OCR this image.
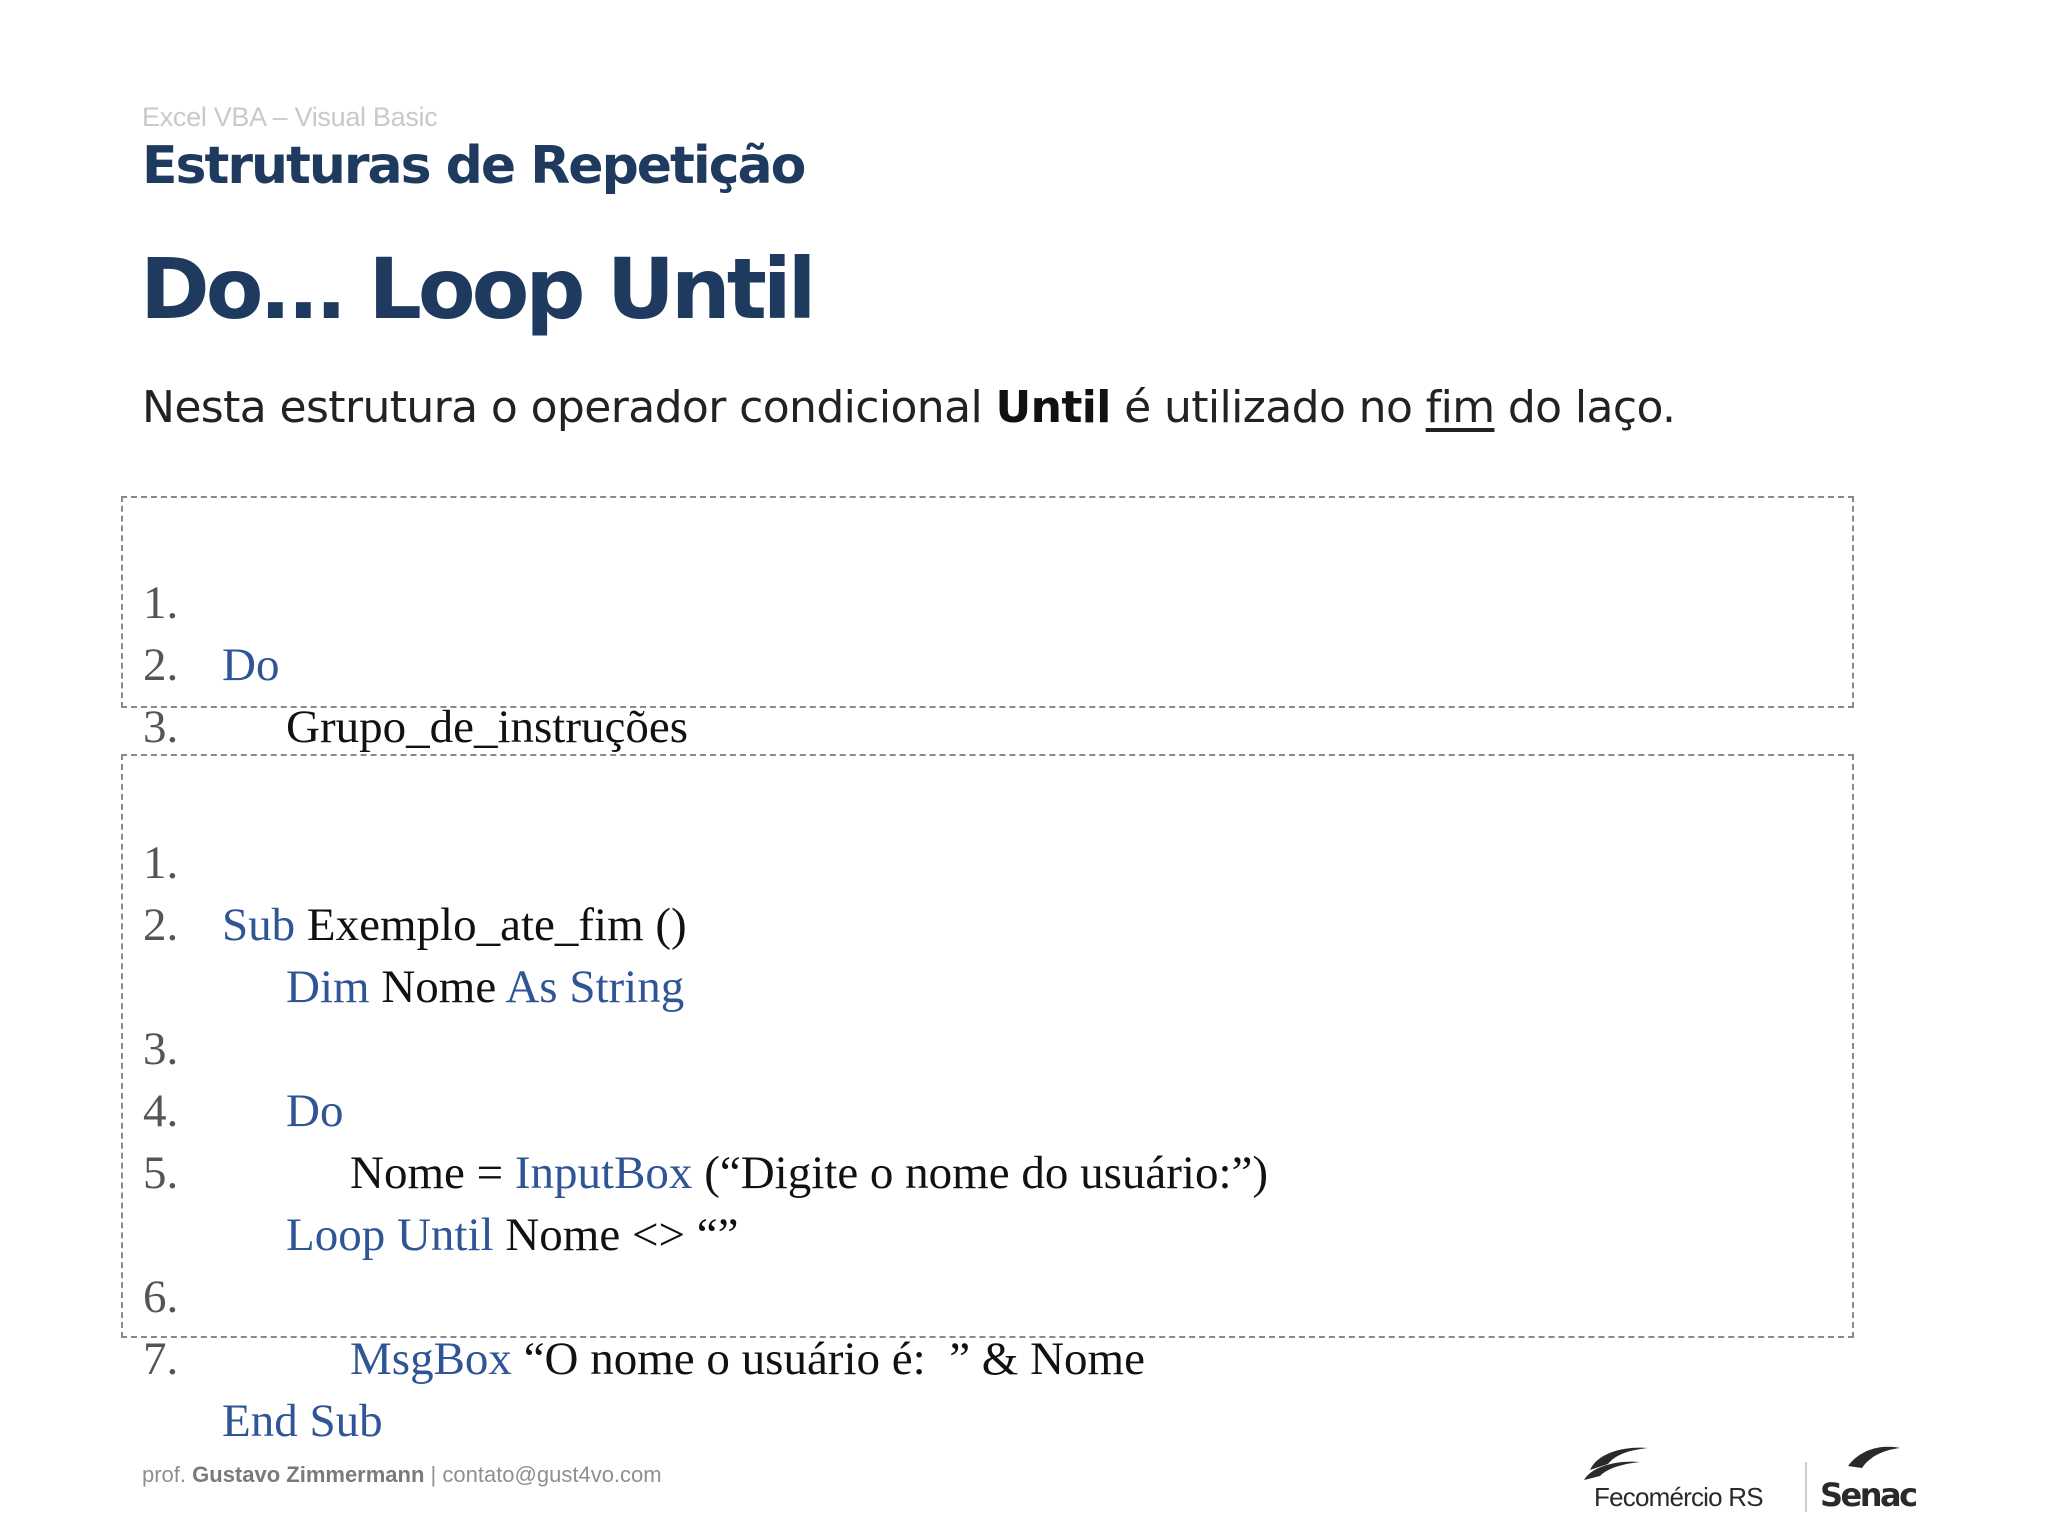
Excel VBA – Visual Basic
Estruturas de Repetição
Do... Loop Until
Nesta estrutura o operador condicional Until é utilizado no fim do laço.

1.

Do

2.

Grupo_de_instruções

3.

1.

Sub Exemplo_ate_fim ()

2.

Dim Nome As String

3.

Do

4.

Nome = InputBox (“Digite o nome do usuário:”)

5.

Loop Until Nome <> “”

6.

MsgBox “O nome o usuário é:  ” & Nome

7.

End Sub

prof. Gustavo Zimmermann | contato@gust4vo.com
Fecomércio RS Senac
